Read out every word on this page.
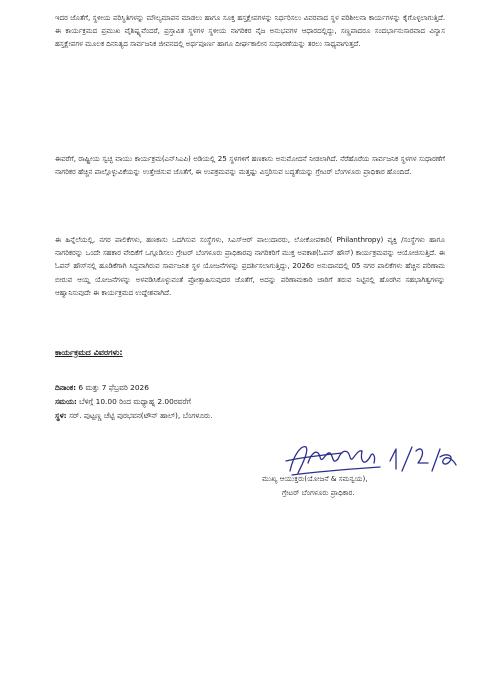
ಇದರ ಜೊತೆಗೆ, ಸ್ಥಳೀಯ ಪರಿಸ್ಥಿತಿಗಳನ್ನು ಮೌಲ್ಯಮಾಪನ ಮಾಡಲು ಹಾಗೂ ಸೂಕ್ತ ಹಸ್ತಕ್ಷೇಪಗಳನ್ನು ನಿರ್ಧರಿಸಲು ವಿವರವಾದ ಸ್ಥಳ ಪರಿಶೀಲನಾ ಕಾರ್ಯಗಳನ್ನು ಕೈಗೊಳ್ಳಲಾಗುತ್ತಿದೆ. ಈ ಕಾರ್ಯಕ್ರಮದ ಪ್ರಮುಖ ವೈಶಿಷ್ಟ್ಯವೆಂದರೆ, ಪ್ರಸ್ತಾವಿತ ಸ್ಥಳಗಳ ಸ್ಥಳೀಯ ನಾಗರಿಕರ ನೈಜ ಅನುಭವಗಳ ಆಧಾರದಲ್ಲಿದ್ದು, ಸಣ್ಣಪಾದರೂ ಸಂದರ್ಭಾನುಸಾರವಾದ ವಿನ್ಯಾಸ ಹಸ್ತಕ್ಷೇಪಗಳ ಮೂಲಕ ದಿನನಿತ್ಯದ ಸಾರ್ವಜನಿಕ ಜೀವನದಲ್ಲಿ ಅರ್ಥಪೂರ್ಣ ಹಾಗೂ ದೀರ್ಘಕಾಲೀನ ಸುಧಾರಣೆಯನ್ನು ತರಲು ಸಾಧ್ಯವಾಗುತ್ತದೆ.
ಈವರೆಗೆ, ರಾಷ್ಟ್ರೀಯ ಸ್ವಚ್ಛ ವಾಯು ಕಾರ್ಯಕ್ರಮ(ಎನ್‌ಸಿಎಪಿ) ಅಡಿಯಲ್ಲಿ 25 ಸ್ಥಳಗಳಿಗೆ ಹಣಕಾಸು ಅನುಮೋದನೆ ನೀಡಲಾಗಿದೆ. ನೆರೆಹೊರೆಯ ಸಾರ್ವಜನಿಕ ಸ್ಥಳಗಳ ಸುಧಾರಣೆಗೆ ನಾಗರಿಕರ ಹೆಚ್ಚಿನ ಪಾಲ್ಗೊಳ್ಳುವಿಕೆಯನ್ನು ಉತ್ತೇಜಿಸುವ ಜೊತೆಗೆ, ಈ ಉಪಕ್ರಮವನ್ನು ಮತ್ತಷ್ಟು ವಿಸ್ತರಿಸುವ ಬದ್ಧತೆಯನ್ನು ಗ್ರೇಟರ್ ಬೆಂಗಳೂರು ಪ್ರಾಧಿಕಾರ ಹೊಂದಿದೆ.
ಈ ಹಿನ್ನೆಲೆಯಲ್ಲಿ, ನಗರ ಪಾಲಿಕೆಗಳು, ಹಣಕಾಸು ಒದಗಿಸುವ ಸಂಸ್ಥೆಗಳು, ಸಿಎಸ್‌ಆರ್ ಪಾಲುದಾರರು, ಲೋಕೋಪಕಾರಿ( Philanthropy) ವ್ಯಕ್ತಿ /ಸಂಸ್ಥೆಗಳು ಹಾಗೂ ನಾಗರಿಕರನ್ನು ಒಂದೇ ಸಹಕಾರ ವೇದಿಕೆಗೆ ಒಗ್ಗೂಡಿಸಲು ಗ್ರೇಟರ್ ಬೆಂಗಳೂರು ಪ್ರಾಧಿಕಾರವು ನಾಗರಿಕರಿಗೆ ಮುಕ್ತ ಅವಕಾಶ(ಓಪನ್ ಹೌಸ್) ಕಾರ್ಯಕ್ರಮವನ್ನು ಆಯೋಜಿಸುತ್ತಿದೆ. ಈ ಓಪನ್ ಹೌಸ್‌ನಲ್ಲಿ ಹೂಡಿಕೆಗಾಗಿ ಸಿದ್ಧವಾಗಿರುವ ಸಾರ್ವಜನಿಕ ಸ್ಥಳ ಯೋಜನೆಗಳನ್ನು ಪ್ರದರ್ಶಿಸಲಾಗುತ್ತಿದ್ದು, 2026ರ ಅನುದಾನದಲ್ಲಿ 05 ನಗರ ಪಾಲಿಕೆಗಳು ಹೆಚ್ಚಿನ ಪರಿಣಾಮ ಬೀರುವ ಆಯ್ದ ಯೋಜನೆಗಳನ್ನು ಅಳವಡಿಸಿಕೊಳ್ಳುವಂತೆ ಪ್ರೋತ್ಸಾಹಿಸುವುದರ ಜೊತೆಗೆ, ಅದನ್ನು ಪರಿಣಾಮಕಾರಿ ಜಾರಿಗೆ ತರುವ ನಿಟ್ಟಿನಲ್ಲಿ ಹೊರಗಿನ ಸಹಭಾಗಿತ್ವಗಳನ್ನು ಆಹ್ವಾನಿಸುವುದೇ ಈ ಕಾರ್ಯಕ್ರಮದ ಉದ್ದೇಶವಾಗಿದೆ.
ಕಾರ್ಯಕ್ರಮದ ವಿವರಗಳು:
ದಿನಾಂಕ: 6 ಮತ್ತು 7 ಫೆಬ್ರವರಿ 2026
ಸಮಯ: ಬೆಳಿಗ್ಗೆ 10.00 ರಿಂದ ಮಧ್ಯಾಹ್ನ 2.00ರವರೆಗೆ
ಸ್ಥಳ: ಸರ್. ಪುಟ್ಟಣ್ಣ ಚೆಟ್ಟಿ ಪುರಭವನ(ಟೌನ್ ಹಾಲ್), ಬೆಂಗಳೂರು.
ಮುಖ್ಯ ಆಯುಕ್ತರು(ಯೋಜನೆ & ಸಮನ್ವಯ),
ಗ್ರೇಟರ್ ಬೆಂಗಳೂರು ಪ್ರಾಧಿಕಾರ.
